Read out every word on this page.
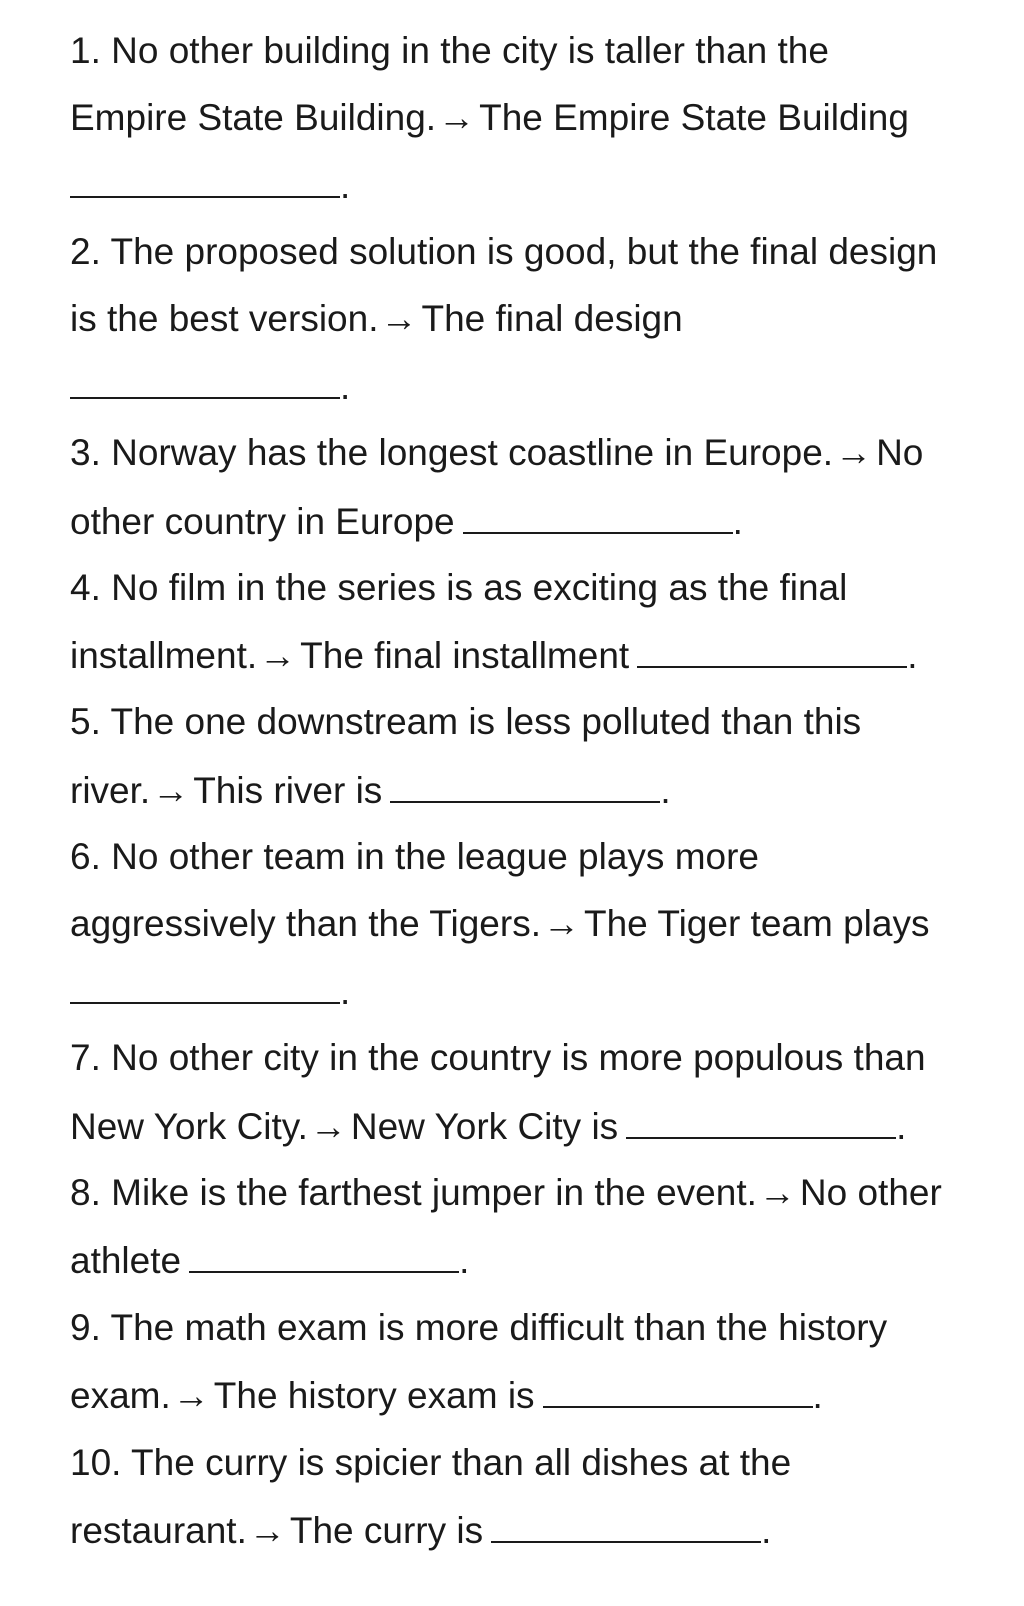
1. No other building in the city is taller than the
Empire State Building.→ The Empire State Building
.
2. The proposed solution is good, but the final design
is the best version.→ The final design
.
3. Norway has the longest coastline in Europe.→ No
other country in Europe	.
4. No film in the series is as exciting as the final
installment.→ The final installment	.
5. The one downstream is less polluted than this
river.→ This river is	.
6. No other team in the league plays more
aggressively than the Tigers.→ The Tiger team plays
.
7. No other city in the country is more populous than
New York City.→ New York City is	.
8. Mike is the farthest jumper in the event.→ No other
athlete	.
9. The math exam is more difficult than the history
exam.→ The history exam is	.
10. The curry is spicier than all dishes at the
restaurant.→ The curry is	.
